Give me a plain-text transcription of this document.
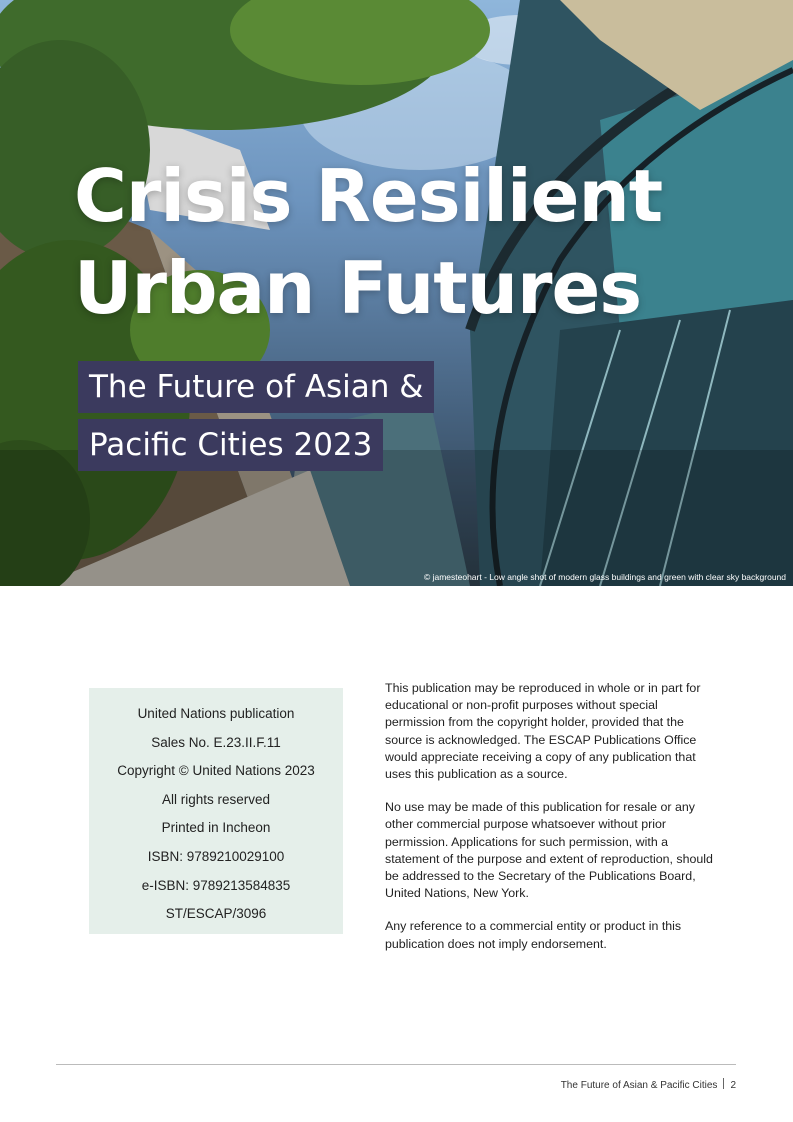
Crisis Resilient
Urban Futures
The Future of Asian &
Pacific Cities 2023
© jamesteohart - Low angle shot of modern glass buildings and green with clear sky background
United Nations publication
Sales No. E.23.II.F.11
Copyright © United Nations 2023
All rights reserved
Printed in Incheon
ISBN: 9789210029100
e-ISBN: 9789213584835
ST/ESCAP/3096

This publication may be reproduced in whole or in part for educational or non-profit purposes without special permission from the copyright holder, provided that the source is acknowledged. The ESCAP Publications Office would appreciate receiving a copy of any publication that uses this publication as a source.

No use may be made of this publication for resale or any other commercial purpose whatsoever without prior permission. Applications for such permission, with a statement of the purpose and extent of reproduction, should be addressed to the Secretary of the Publications Board, United Nations, New York.

Any reference to a commercial entity or product in this publication does not imply endorsement.

The Future of Asian & Pacific Cities 2
